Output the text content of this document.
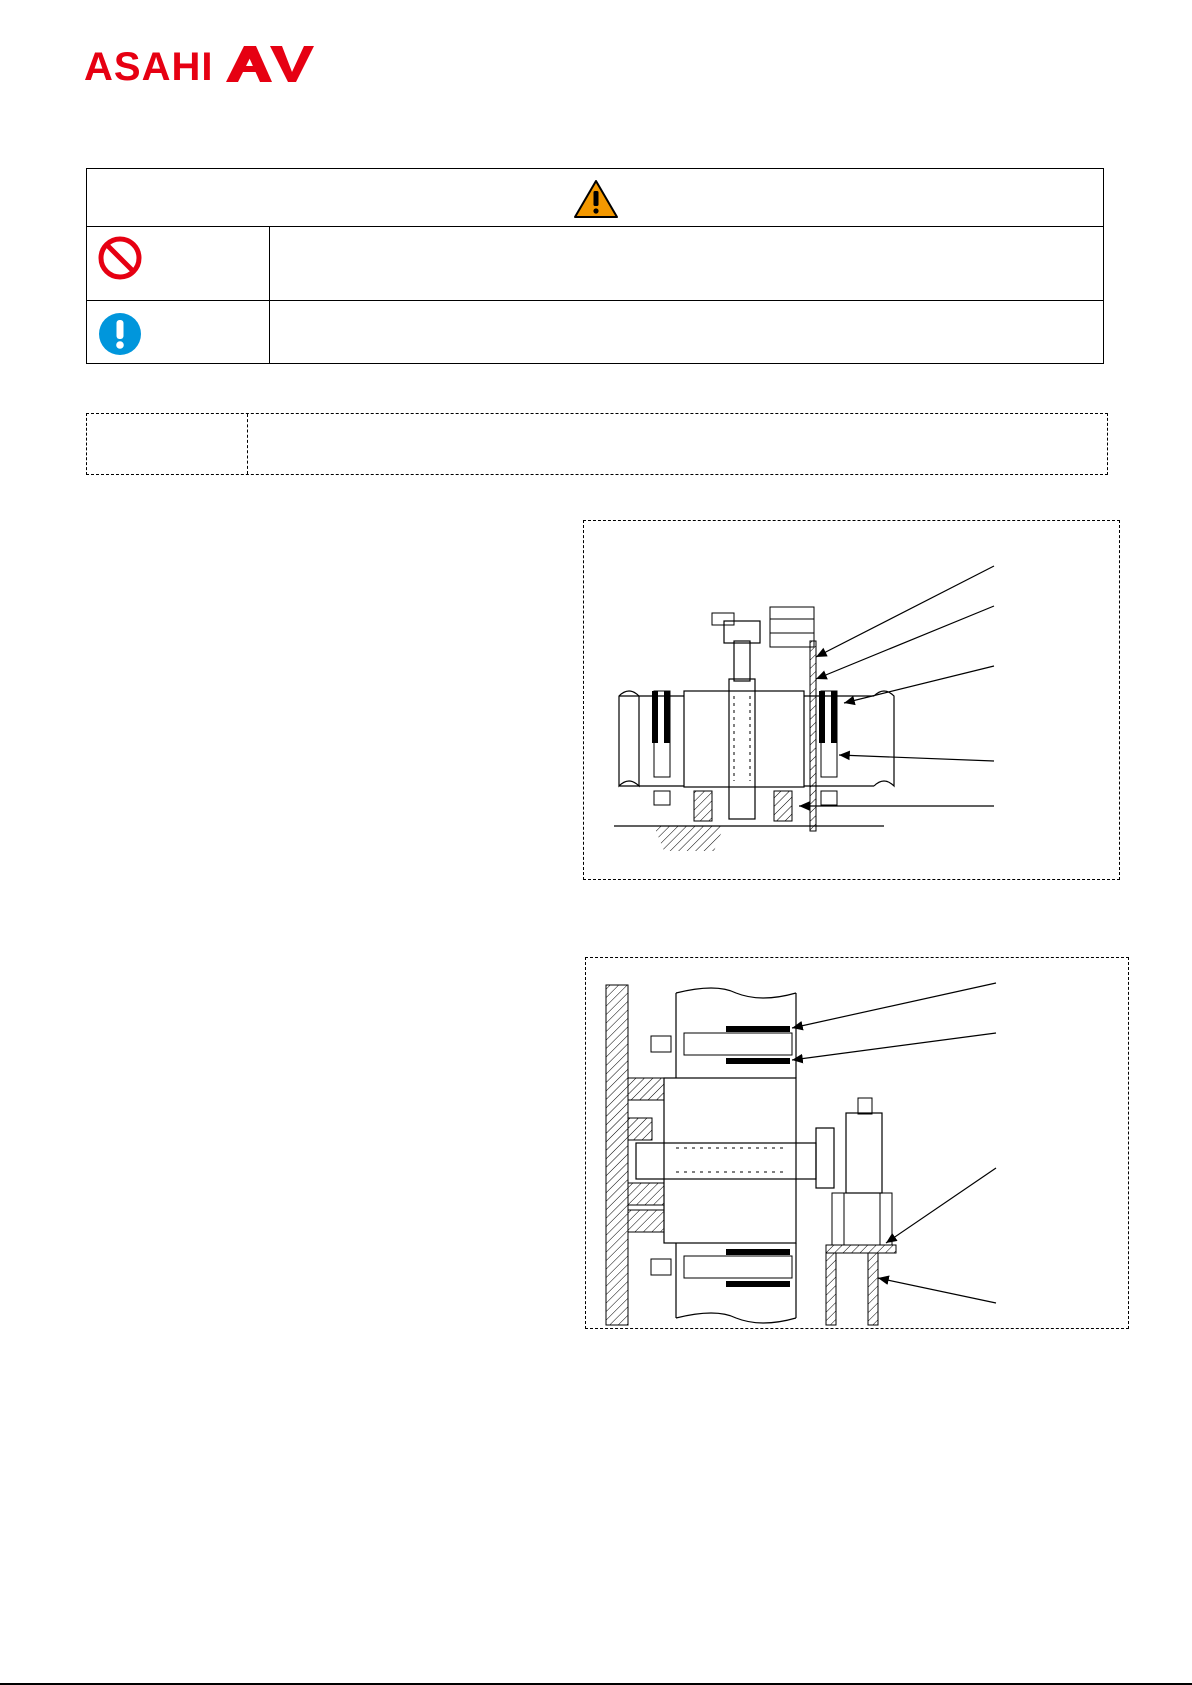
ASAHI
